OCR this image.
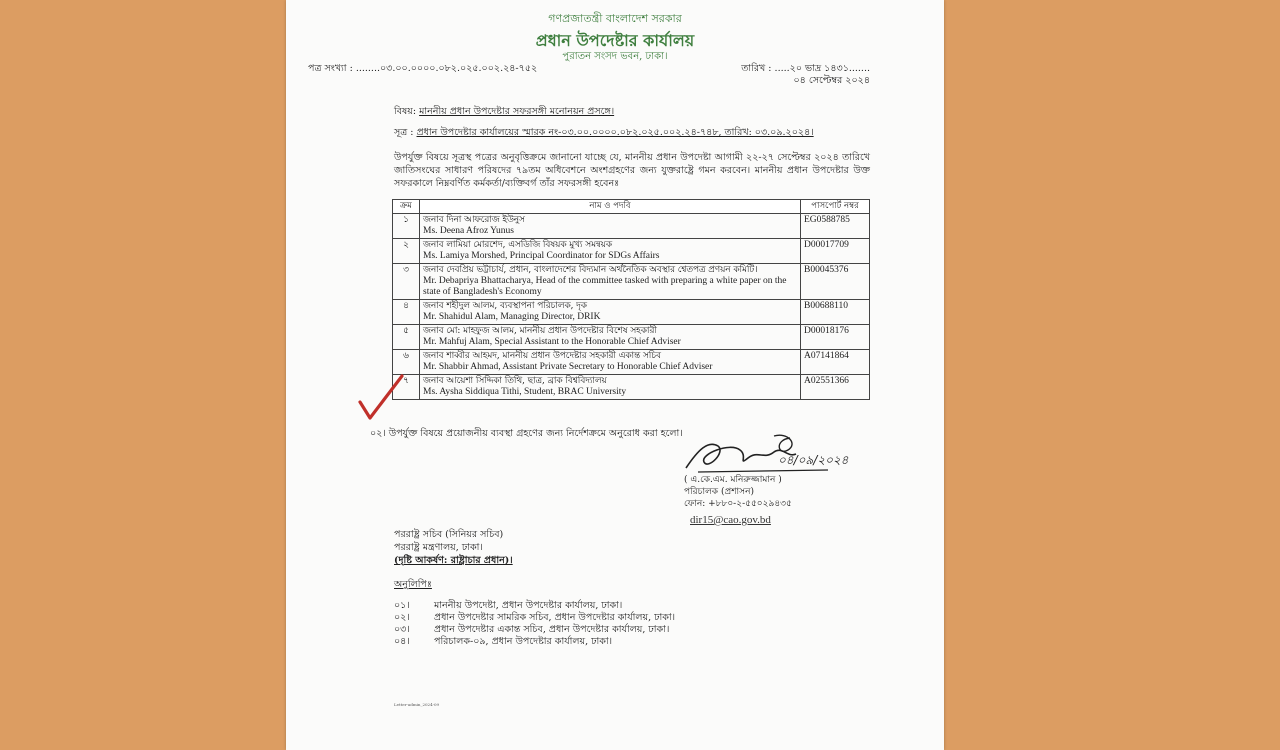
গণপ্রজাতন্ত্রী বাংলাদেশ সরকার
প্রধান উপদেষ্টার কার্যালয়
পুরাতন সংসদ ভবন, ঢাকা।
পত্র সংখ্যা : ........০৩.০০.০০০০.০৮২.০২৫.০০২.২৪-৭৫২	তারিখ : .....২০ ভাদ্র ১৪৩১.......
০৪ সেপ্টেম্বর ২০২৪
বিষয়: মাননীয় প্রধান উপদেষ্টার সফরসঙ্গী মনোনয়ন প্রসঙ্গে।
সূত্র : প্রধান উপদেষ্টার কার্যালয়ের স্মারক নং-০৩.০০.০০০০.০৮২.০২৫.০০২.২৪-৭৪৮, তারিখ: ০৩.০৯.২০২৪।
উপর্যুক্ত বিষয়ে সূত্রস্থ পত্রের অনুবৃত্তিক্রমে জানানো যাচ্ছে যে, মাননীয় প্রধান উপদেষ্টা আগামী ২২-২৭ সেপ্টেম্বর ২০২৪ তারিখে জাতিসংঘের সাধারণ পরিষদের ৭৯তম অধিবেশনে অংশগ্রহণের জন্য যুক্তরাষ্ট্রে গমন করবেন। মাননীয় প্রধান উপদেষ্টার উক্ত সফরকালে নিম্নবর্ণিত কর্মকর্তা/ব্যক্তিবর্গ তাঁর সফরসঙ্গী হবেনঃ
ক্রম	নাম ও পদবি	পাসপোর্ট নম্বর
১	জনাব দিনা আফরোজ ইউনুস
Ms. Deena Afroz Yunus	EG0588785
২	জনাব লামিয়া মোরশেদ, এসডিজি বিষয়ক মুখ্য সমন্বয়ক
Ms. Lamiya Morshed, Principal Coordinator for SDGs Affairs	D00017709
৩	জনাব দেবপ্রিয় ভট্টাচার্য, প্রধান, বাংলাদেশের বিদ্যমান অর্থনৈতিক অবস্থার শ্বেতপত্র প্রণয়ন কমিটি।
Mr. Debapriya Bhattacharya, Head of the committee tasked with preparing a white paper on the state of Bangladesh's Economy	B00045376
৪	জনাব শহীদুল আলম, ব্যবস্থাপনা পরিচালক, দৃক
Mr. Shahidul Alam, Managing Director, DRIK	B00688110
৫	জনাব মো: মাহফুজ আলম, মাননীয় প্রধান উপদেষ্টার বিশেষ সহকারী
Mr. Mahfuj Alam, Special Assistant to the Honorable Chief Adviser	D00018176
৬	জনাব শাব্বীর আহমদ, মাননীয় প্রধান উপদেষ্টার সহকারী একান্ত সচিব
Mr. Shabbir Ahmad, Assistant Private Secretary to Honorable Chief Adviser	A07141864
৭	জনাব আয়েশা সিদ্দিকা তিথি, ছাত্র, ব্রাক বিশ্ববিদ্যালয়
Ms. Aysha Siddiqua Tithi, Student, BRAC University	A02551366
০২। উপর্যুক্ত বিষয়ে প্রয়োজনীয় ব্যবস্থা গ্রহণের জন্য নির্দেশক্রমে অনুরোধ করা হলো।
০৪/০৯/২০২৪
( এ.কে.এম. মনিরুজ্জামান )
পরিচালক (প্রশাসন)
ফোন: +৮৮০-২-৫৫০২৯৪৩৫
dir15@cao.gov.bd
পররাষ্ট্র সচিব (সিনিয়র সচিব)
পররাষ্ট্র মন্ত্রণালয়, ঢাকা।
(দৃষ্টি আকর্ষণ: রাষ্ট্রাচার প্রধান)।
অনুলিপিঃ
০১।	মাননীয় উপদেষ্টা, প্রধান উপদেষ্টার কার্যালয়, ঢাকা।
০২।	প্রধান উপদেষ্টার সামরিক সচিব, প্রধান উপদেষ্টার কার্যালয়, ঢাকা।
০৩।	প্রধান উপদেষ্টার একান্ত সচিব, প্রধান উপদেষ্টার কার্যালয়, ঢাকা।
০৪।	পরিচালক-০৯, প্রধান উপদেষ্টার কার্যালয়, ঢাকা।
Letter-admin_2024-09
